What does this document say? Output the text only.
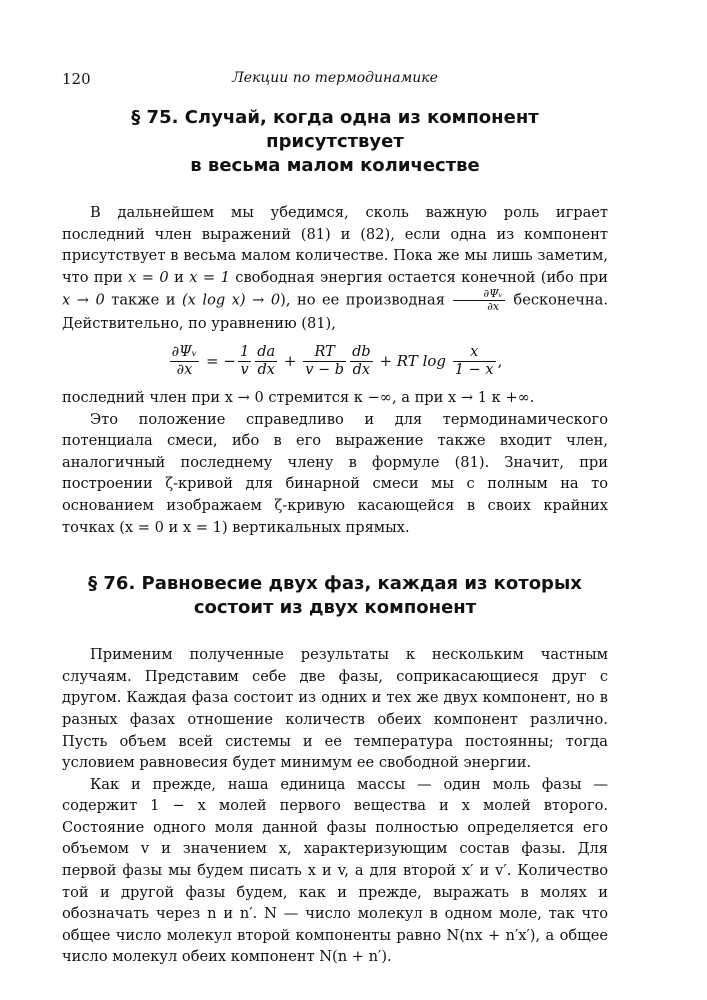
120	Лекции по термодинамике
§ 75. Случай, когда одна из компонент присутствует
в весьма малом количестве

В дальнейшем мы убедимся, сколь важную роль играет последний член выражений (81) и (82), если одна из компонент присутствует в весьма малом количестве. Пока же мы лишь заметим, что при x = 0 и x = 1 свободная энергия остается конечной (ибо при x → 0 также и (x log x) → 0), но ее производная $\frac{\text{∂Ψᵥ}}{\partial x}$ бесконечна. Действительно, по уравнению (81),

$\frac{\text{∂Ψᵥ}}{\partial x}$ = − $\frac{1}{v} \frac{da}{dx} + \frac{RT}{v - b} \frac{db}{dx}$ + RT $\log \frac{x}{1 - x}$ ,

последний член при x → 0 стремится к −∞, а при x → 1 к +∞.

Это положение справедливо и для термодинамического потенциала смеси, ибо в его выражение также входит член, аналогичный последнему члену в формуле (81). Значит, при построении ζ-кривой для бинарной смеси мы с полным на то основанием изображаем ζ-кривую касающейся в своих крайних точках (x = 0 и x = 1) вертикальных прямых.

§ 76. Равновесие двух фаз, каждая из которых
состоит из двух компонент

Применим полученные результаты к нескольким частным случаям. Представим себе две фазы, соприкасающиеся друг с другом. Каждая фаза состоит из одних и тех же двух компонент, но в разных фазах отношение количеств обеих компонент различно. Пусть объем всей системы и ее температура постоянны; тогда условием равновесия будет минимум ее свободной энергии.

Как и прежде, наша единица массы — один моль фазы — содержит 1 − x молей первого вещества и x молей второго. Состояние одного моля данной фазы полностью определяется его объемом v и значением x, характеризующим состав фазы. Для первой фазы мы будем писать x и v, а для второй x′ и v′. Количество той и другой фазы будем, как и прежде, выражать в молях и обозначать через n и n′. N — число молекул в одном моле, так что общее число молекул второй компоненты равно N(nx + n′x′), а общее число молекул обеих компонент N(n + n′).
